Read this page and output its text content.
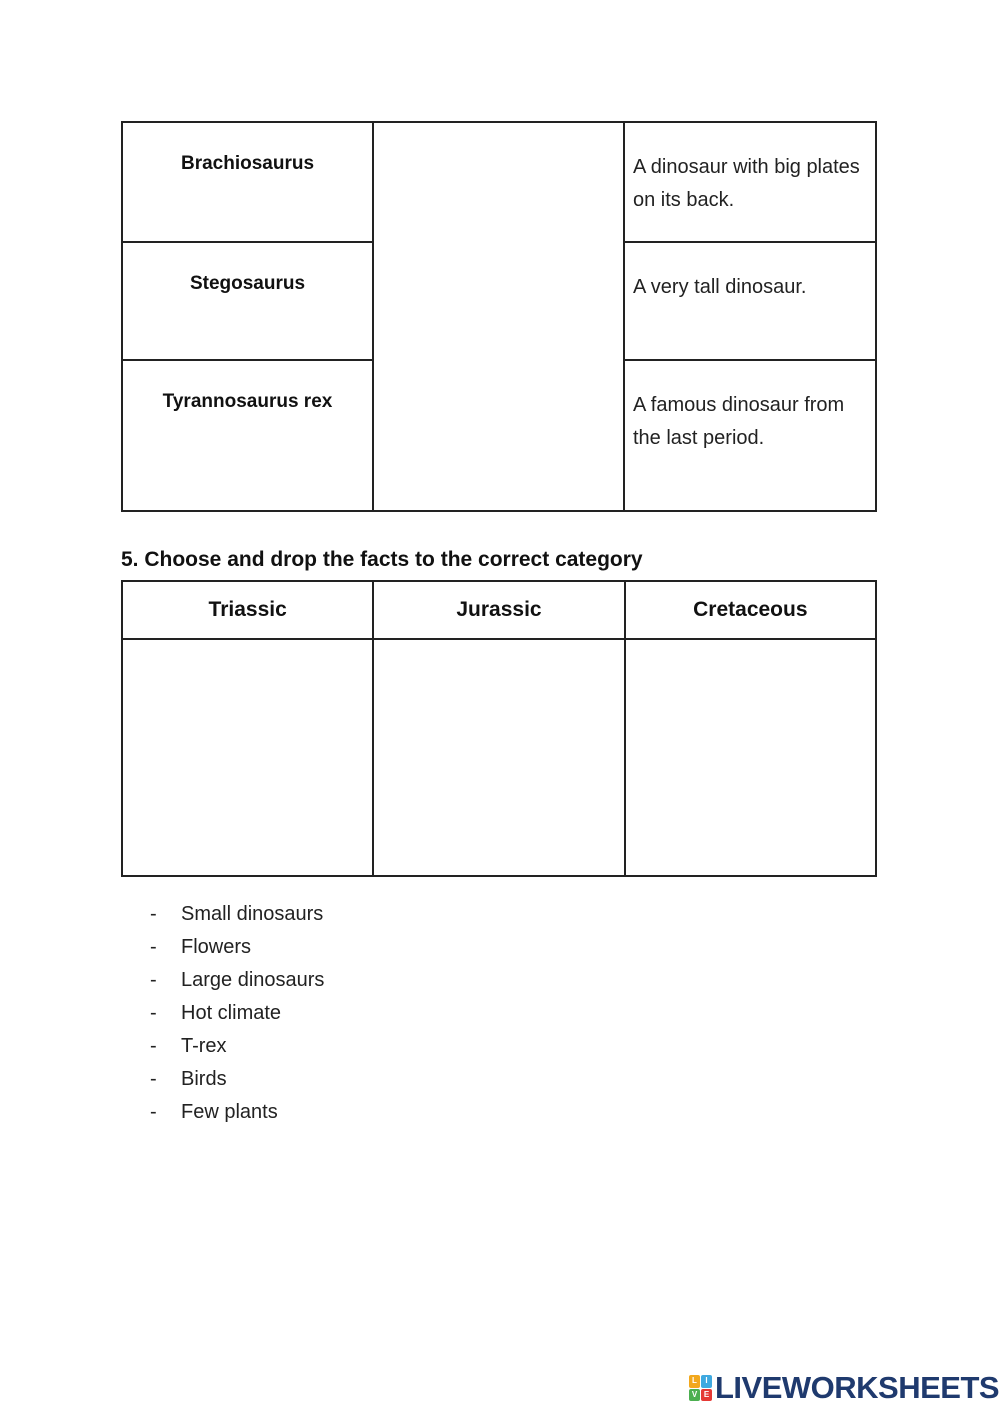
Brachiosaurus		A dinosaur with big plates on its back.
Stegosaurus		A very tall dinosaur.
Tyrannosaurus rex		A famous dinosaur from the last period.
5. Choose and drop the facts to the correct category
Triassic	Jurassic	Cretaceous

-	Small dinosaurs
-	Flowers
-	Large dinosaurs
-	Hot climate
-	T-rex
-	Birds
-	Few plants
L	I
V E LIVEWORKSHEETS
